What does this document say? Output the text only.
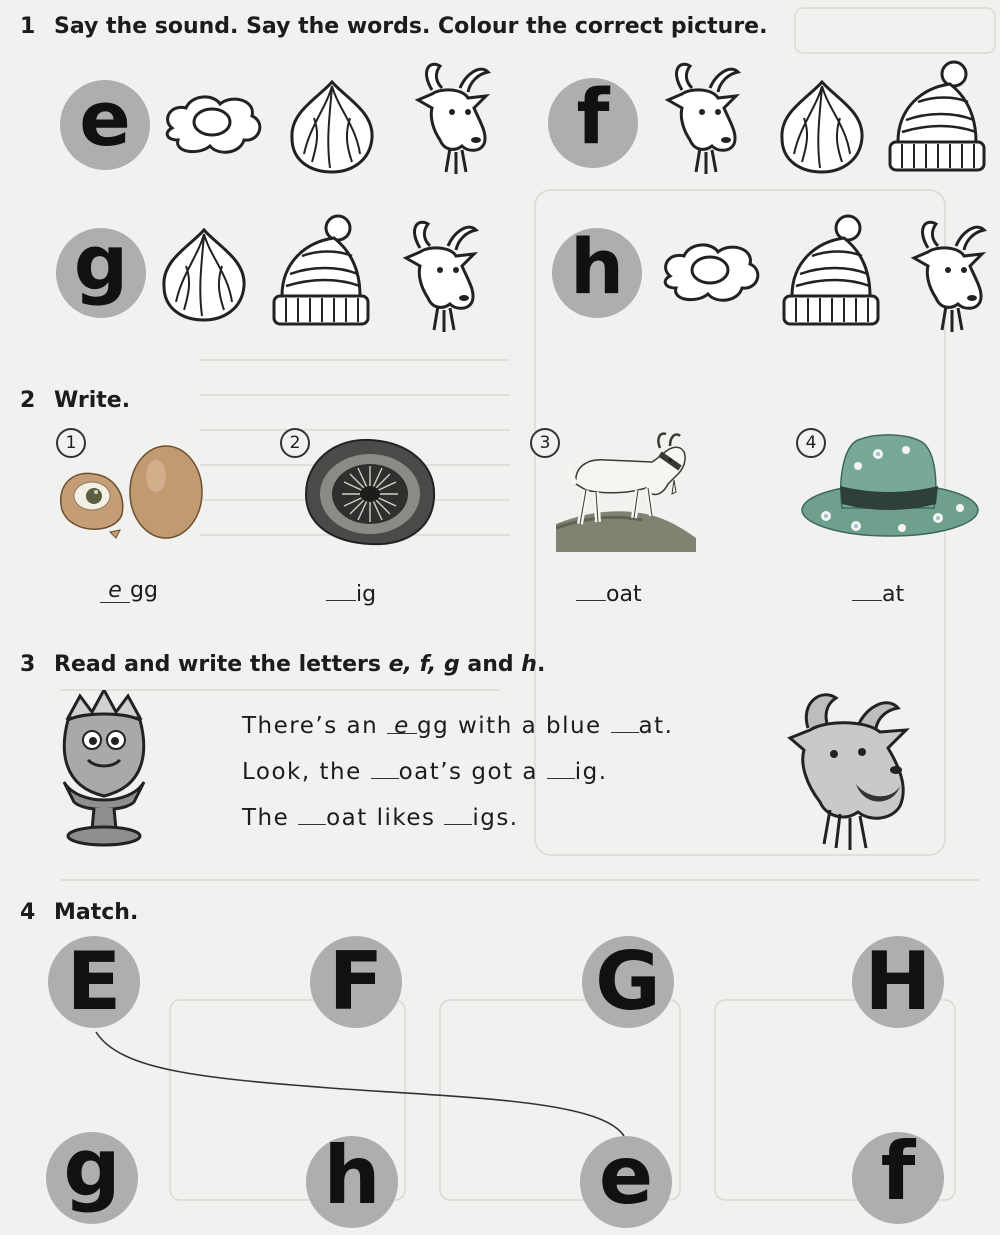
1 Say the sound. Say the words. Colour the correct picture.
e	f
g	h
2 Write.
1
e gg
2
ig
3
oat
4
at
3 Read and write the letters e, f, g and h.
There’s an e gg with a blue at.
Look, the oat’s got a ig.
The oat likes igs.
4 Match.
E	F	G	H
g	h	e	f
